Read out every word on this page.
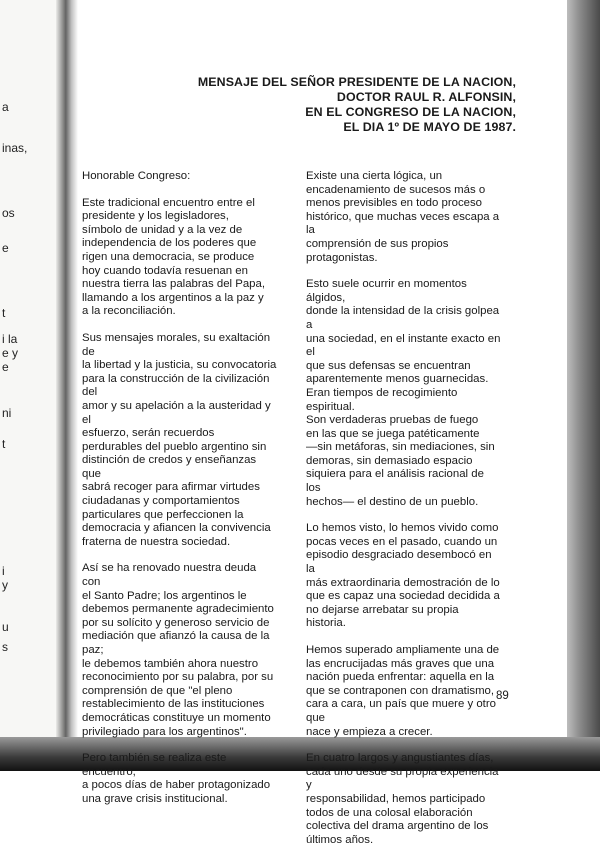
a
inas,
os
e
t
i la
e y
e
ni
t
i
y
u
s
MENSAJE DEL SEÑOR PRESIDENTE DE LA NACION,
DOCTOR RAUL R. ALFONSIN,
EN EL CONGRESO DE LA NACION,
EL DIA 1º DE MAYO DE 1987.

Honorable Congreso:

Este tradicional encuentro entre el
presidente y los legisladores,
símbolo de unidad y a la vez de
independencia de los poderes que
rigen una democracia, se produce
hoy cuando todavía resuenan en
nuestra tierra las palabras del Papa,
llamando a los argentinos a la paz y
a la reconciliación.

Sus mensajes morales, su exaltación de
la libertad y la justicia, su convocatoria
para la construcción de la civilización del
amor y su apelación a la austeridad y el
esfuerzo, serán recuerdos
perdurables del pueblo argentino sin
distinción de credos y enseñanzas que
sabrá recoger para afirmar virtudes
ciudadanas y comportamientos
particulares que perfeccionen la
democracia y afiancen la convivencia
fraterna de nuestra sociedad.

Así se ha renovado nuestra deuda con
el Santo Padre; los argentinos le
debemos permanente agradecimiento
por su solícito y generoso servicio de
mediación que afianzó la causa de la paz;
le debemos también ahora nuestro
reconocimiento por su palabra, por su
comprensión de que "el pleno
restablecimiento de las instituciones
democráticas constituye un momento
privilegiado para los argentinos".

Pero también se realiza este encuentro,
a pocos días de haber protagonizado
una grave crisis institucional.

Existe una cierta lógica, un
encadenamiento de sucesos más o
menos previsibles en todo proceso
histórico, que muchas veces escapa a la
comprensión de sus propios
protagonistas.

Esto suele ocurrir en momentos álgidos,
donde la intensidad de la crisis golpea a
una sociedad, en el instante exacto en el
que sus defensas se encuentran
aparentemente menos guarnecidas.
Eran tiempos de recogimiento espiritual.
Son verdaderas pruebas de fuego
en las que se juega patéticamente
—sin metáforas, sin mediaciones, sin
demoras, sin demasiado espacio
siquiera para el análisis racional de los
hechos— el destino de un pueblo.

Lo hemos visto, lo hemos vivido como
pocas veces en el pasado, cuando un
episodio desgraciado desembocó en la
más extraordinaria demostración de lo
que es capaz una sociedad decidida a
no dejarse arrebatar su propia historia.

Hemos superado ampliamente una de
las encrucijadas más graves que una
nación pueda enfrentar: aquella en la
que se contraponen con dramatismo,
cara a cara, un país que muere y otro que
nace y empieza a crecer.

En cuatro largos y angustiantes días,
cada uno desde su propia experiencia y
responsabilidad, hemos participado
todos de una colosal elaboración
colectiva del drama argentino de los
últimos años.

89
